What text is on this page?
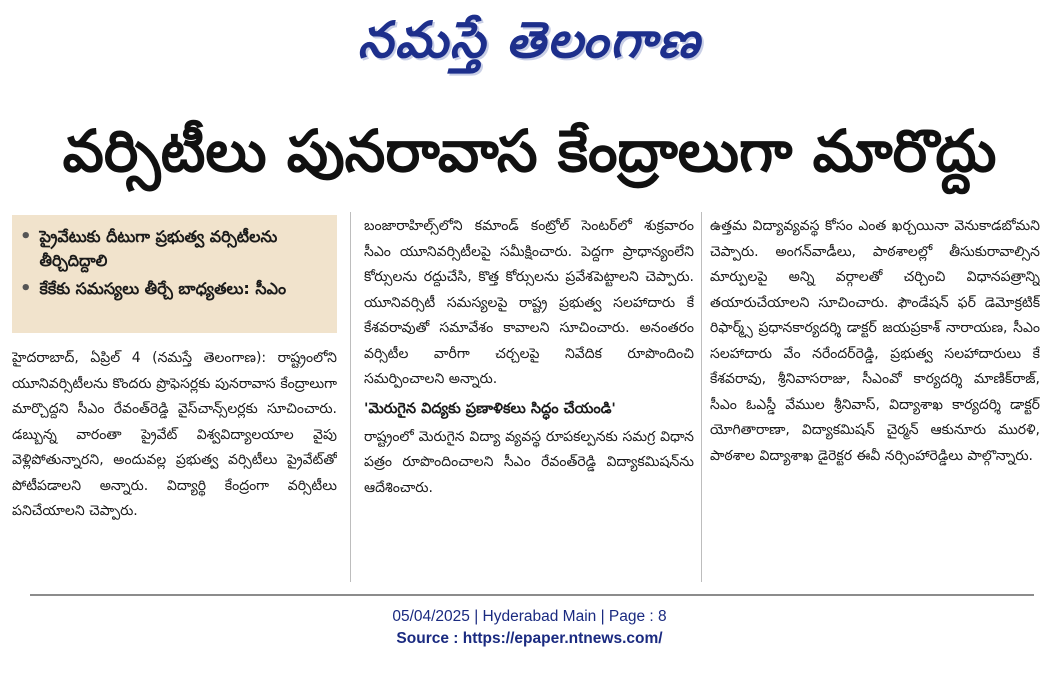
నమస్తే తెలంగాణ
వర్సిటీలు పునరావాస కేంద్రాలుగా మారొద్దు
• ప్రైవేటుకు దీటుగా ప్రభుత్వ వర్సిటీలను తీర్చిదిద్దాలి
• కేకేకు సమస్యలు తీర్చే బాధ్యతలు: సీఎం
హైదరాబాద్, ఏప్రిల్ 4 (నమస్తే తెలంగాణ): రాష్ట్రంలోని యూనివర్సిటీలను కొందరు ప్రొఫెసర్లకు పునరావాస కేంద్రాలుగా మార్చొద్దని సీఎం రేవంత్‌రెడ్డి వైస్‌చాన్స్‌లర్లకు సూచించారు. డబ్బున్న వారంతా ప్రైవేట్ విశ్వవిద్యాలయాల వైపు వెళ్లిపోతున్నారని, అందువల్ల ప్రభుత్వ వర్సిటీలు ప్రైవేట్‌తో పోటీపడాలని అన్నారు. విద్యార్థి కేంద్రంగా వర్సిటీలు పనిచేయాలని చెప్పారు.
బంజారాహిల్స్‌లోని కమాండ్ కంట్రోల్ సెంటర్‌లో శుక్రవారం సీఎం యూనివర్సిటీలపై సమీక్షించారు. పెద్దగా ప్రాధాన్యంలేని కోర్సులను రద్దుచేసి, కొత్త కోర్సులను ప్రవేశపెట్టాలని చెప్పారు. యూనివర్సిటీ సమస్యలపై రాష్ట్ర ప్రభుత్వ సలహాదారు కే కేశవరావుతో సమావేశం కావాలని సూచించారు. అనంతరం వర్సిటీల వారీగా చర్చలపై నివేదిక రూపొందించి సమర్పించాలని అన్నారు.
'మెరుగైన విద్యకు ప్రణాళికలు సిద్ధం చేయండి'
రాష్ట్రంలో మెరుగైన విద్యా వ్యవస్థ రూపకల్పనకు సమగ్ర విధాన పత్రం రూపొందించాలని సీఎం రేవంత్‌రెడ్డి విద్యాకమిషన్‌ను ఆదేశించారు.
ఉత్తమ విద్యావ్యవస్థ కోసం ఎంత ఖర్చయినా వెనుకాడబోమని చెప్పారు. అంగన్‌వాడీలు, పాఠశాలల్లో తీసుకురావాల్సిన మార్పులపై అన్ని వర్గాలతో చర్చించి విధానపత్రాన్ని తయారుచేయాలని సూచించారు. ఫౌండేషన్ ఫర్ డెమోక్రటిక్ రిఫార్మ్స్ ప్రధానకార్యదర్శి డాక్టర్ జయప్రకాశ్ నారాయణ, సీఎం సలహాదారు వేం నరేందర్‌రెడ్డి, ప్రభుత్వ సలహాదారులు కే కేశవరావు, శ్రీనివాసరాజు, సీఎంవో కార్యదర్శి మాణిక్‌రాజ్, సీఎం ఓఎస్డీ వేముల శ్రీనివాస్, విద్యాశాఖ కార్యదర్శి డాక్టర్ యోగితారాణా, విద్యాకమిషన్ చైర్మన్ ఆకునూరు మురళి, పాఠశాల విద్యాశాఖ డైరెక్టర ఈవీ నర్సింహారెడ్డిలు పాల్గొన్నారు.
05/04/2025 | Hyderabad Main | Page : 8
Source : https://epaper.ntnews.com/
